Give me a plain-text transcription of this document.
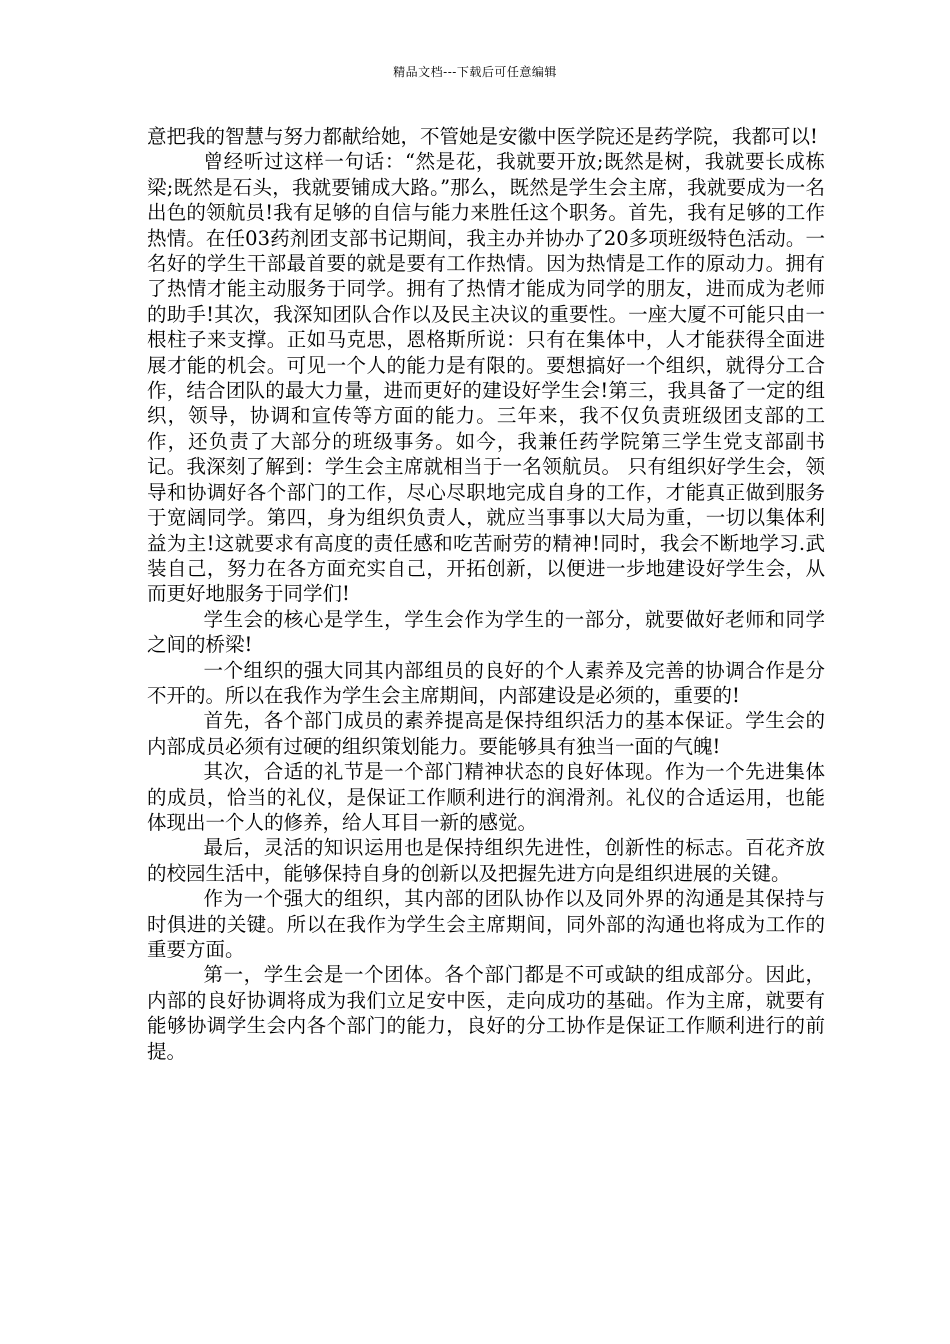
精品文档---下载后可任意编辑

意把我的智慧与努力都献给她，不管她是安徽中医学院还是药学院，我都可以!

曾经听过这样一句话：“然是花，我就要开放;既然是树，我就要长成栋梁;既然是石头，我就要铺成大路。”那么，既然是学生会主席，我就要成为一名出色的领航员!我有足够的自信与能力来胜任这个职务。首先，我有足够的工作热情。在任03药剂团支部书记期间，我主办并协办了20多项班级特色活动。一名好的学生干部最首要的就是要有工作热情。因为热情是工作的原动力。拥有了热情才能主动服务于同学。拥有了热情才能成为同学的朋友，进而成为老师的助手!其次，我深知团队合作以及民主决议的重要性。一座大厦不可能只由一根柱子来支撑。正如马克思，恩格斯所说：只有在集体中，人才能获得全面进展才能的机会。可见一个人的能力是有限的。要想搞好一个组织，就得分工合作，结合团队的最大力量，进而更好的建设好学生会!第三，我具备了一定的组织，领导，协调和宣传等方面的能力。三年来，我不仅负责班级团支部的工作，还负责了大部分的班级事务。如今，我兼任药学院第三学生党支部副书记。我深刻了解到：学生会主席就相当于一名领航员。 只有组织好学生会，领导和协调好各个部门的工作，尽心尽职地完成自身的工作，才能真正做到服务于宽阔同学。第四，身为组织负责人，就应当事事以大局为重，一切以集体利益为主!这就要求有高度的责任感和吃苦耐劳的精神!同时，我会不断地学习.武装自己，努力在各方面充实自己，开拓创新，以便进一步地建设好学生会，从而更好地服务于同学们!

学生会的核心是学生，学生会作为学生的一部分，就要做好老师和同学之间的桥梁!

一个组织的强大同其内部组员的良好的个人素养及完善的协调合作是分不开的。所以在我作为学生会主席期间，内部建设是必须的，重要的!

首先，各个部门成员的素养提高是保持组织活力的基本保证。学生会的内部成员必须有过硬的组织策划能力。要能够具有独当一面的气魄!

其次，合适的礼节是一个部门精神状态的良好体现。作为一个先进集体的成员，恰当的礼仪，是保证工作顺利进行的润滑剂。礼仪的合适运用，也能体现出一个人的修养，给人耳目一新的感觉。

最后，灵活的知识运用也是保持组织先进性，创新性的标志。百花齐放的校园生活中，能够保持自身的创新以及把握先进方向是组织进展的关键。

作为一个强大的组织，其内部的团队协作以及同外界的沟通是其保持与时俱进的关键。所以在我作为学生会主席期间，同外部的沟通也将成为工作的重要方面。

第一，学生会是一个团体。各个部门都是不可或缺的组成部分。因此，内部的良好协调将成为我们立足安中医，走向成功的基础。作为主席，就要有能够协调学生会内各个部门的能力，良好的分工协作是保证工作顺利进行的前提。
